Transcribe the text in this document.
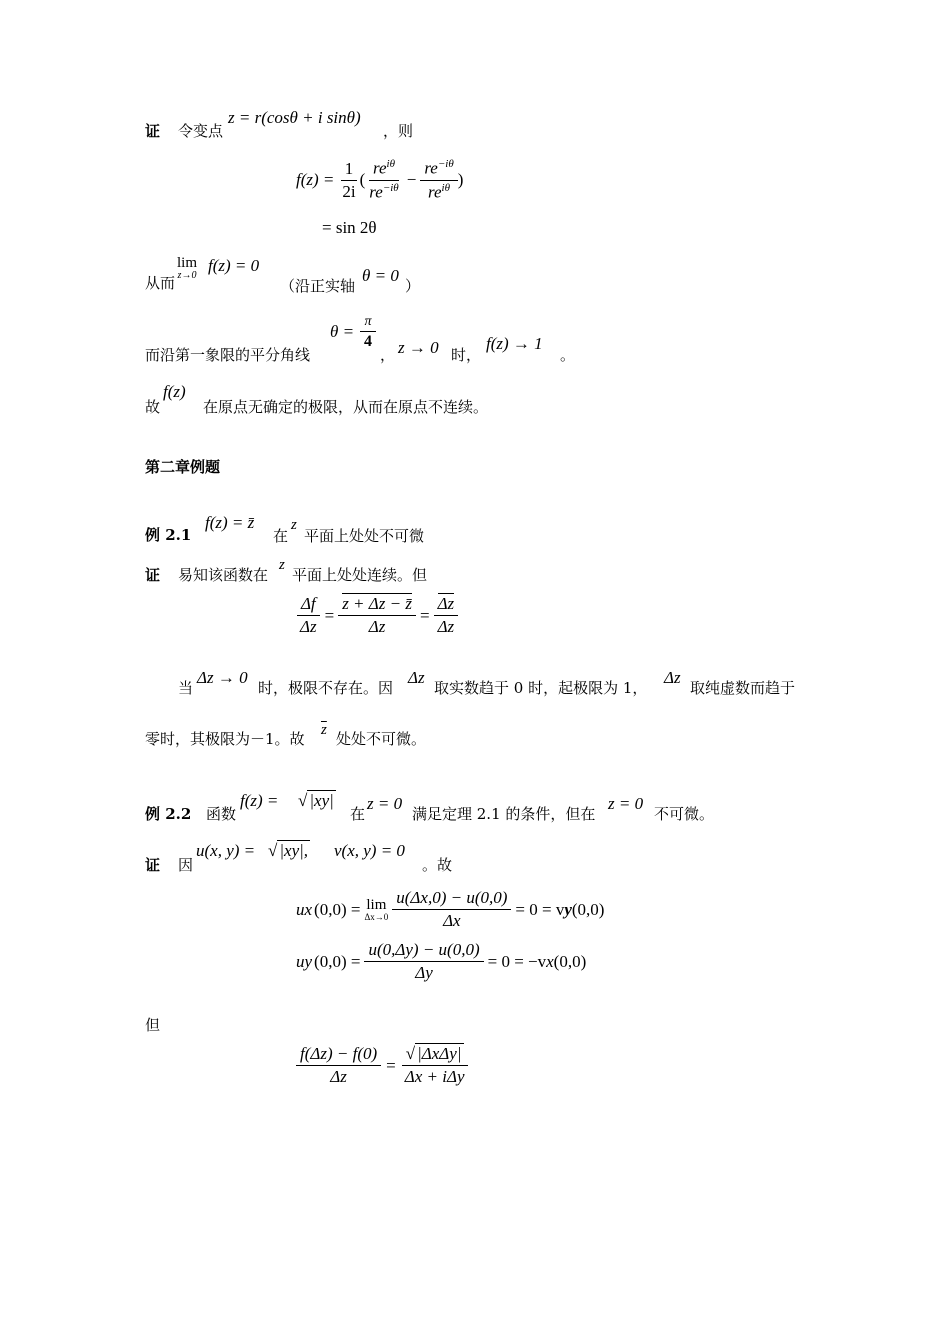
证 令变点
z = r(cosθ + i sinθ)
，则
$f(z) = \frac{1}{2i}$ ( $\frac{re^{i\theta}}{re^{-i\theta}} - \frac{re^{-i\theta}}{re^{i\theta}}$ )
= sin 2θ
从而
lim
z→0
f(z) = 0
（沿正实轴
θ = 0
）
而沿第一象限的平分角线
$\theta = \frac{\pi}{4}$
， z → 0 时，
f(z) → 1
。
故
f(z)
在原点无确定的极限，从而在原点不连续。
第二章例题
例 2.1
f(z) = z̄
在
z
平面上处处不可微
证 易知该函数在
z
平面上处处连续。但
$\frac{\Delta f}{\Delta z} = \frac{z + \Delta z - z̄}{\Delta z} = \frac{\Delta z}{\Delta z}$
当
Δz → 0
时，极限不存在。因
Δz
取实数趋于 0 时，起极限为 1，
Δz
取纯虚数而趋于
零时，其极限为－1。故 $\overline{z}$ 处处不可微。
例 2.2 函数
f(z) = √ |xy|
在
z = 0
满足定理 2.1 的条件，但在
z = 0
不可微。
证 因
u(x, y) = √ |xy|, v(x, y) = 0
。故
u x (0,0) = lim
$\Delta x\to 0 \frac{u(\Delta x,0) - u(0,0)}{\Delta x} = 0 = v$ y (0,0)
u y $(0,0) = \frac{u(0,\Delta y) - u(0,0)}{\Delta y} = 0 = -v$ x (0,0)
但
$\frac{f(\Delta z) - f(0)}{\Delta z} = \frac{\text{√ |ΔxΔy|}}{\text{Δx + iΔy}}$
